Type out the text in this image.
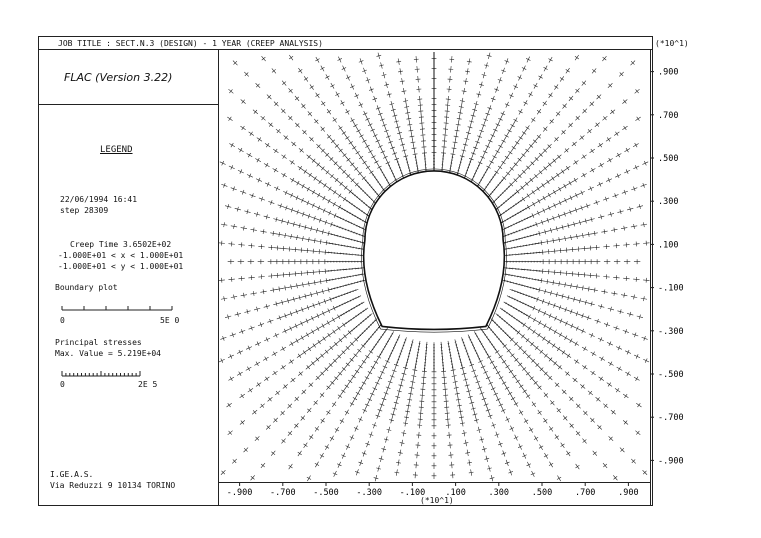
JOB TITLE : SECT.N.3 (DESIGN) - 1 YEAR (CREEP ANALYSIS)	(*10^1)
FLAC (Version 3.22)
LEGEND
22/06/1994 16:41
step 28309
Creep Time 3.6502E+02
-1.000E+01 < x < 1.000E+01
-1.000E+01 < y < 1.000E+01
Boundary plot
0	5E 0
Principal stresses
Max. Value = 5.219E+04
0	2E 5
I.GE.A.S.
Via Reduzzi 9 10134 TORINO
(*10^1)
-.900 -.700 -.500 -.300 -.100 .100	.300	.500	.700	.900
.900
.700
.500
.300
.100
-.100
-.300
-.500
-.700
-.900
